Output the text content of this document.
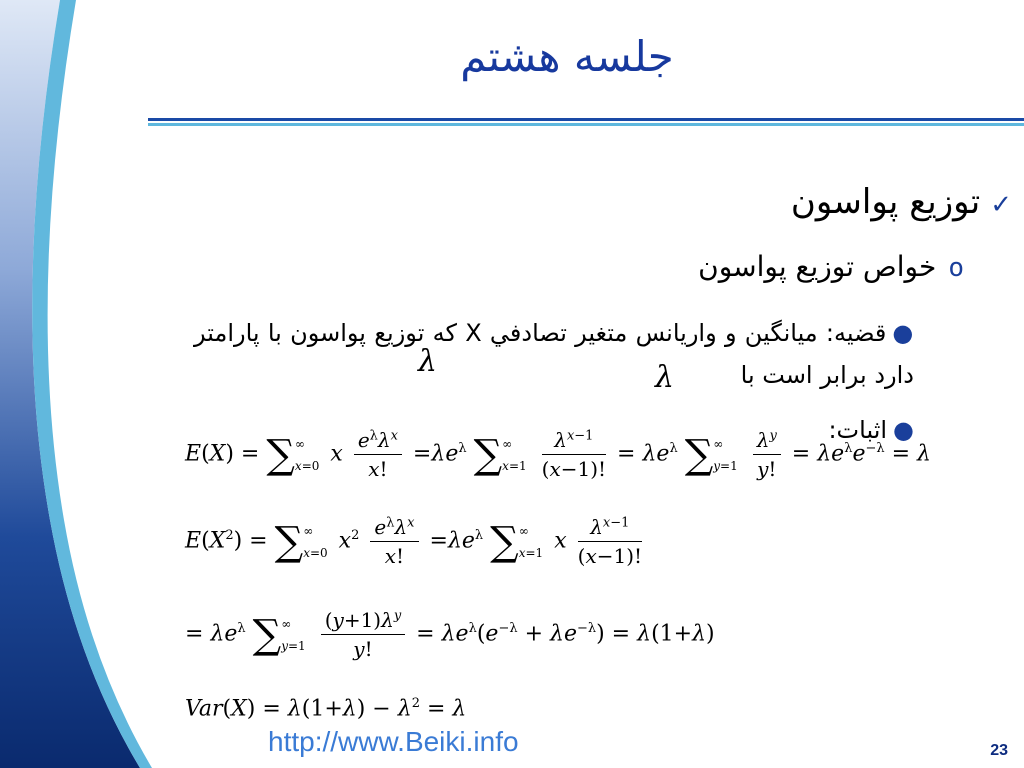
جلسه هشتم
✓توزیع پواسون
oخواص توزیع پواسون
●قضیه: میانگین و واریانس متغیر تصادفي X که توزیع پواسون با پارامتر دارد برابر است با
λ	λ
●اثبات:
E(X) = ∑ ∞
x=0 x $\frac{e^\lambda\lambda^x}{x!} =\lambda e^\lambda$ ∑ ∞
x=1
$\frac{\lambda^{x-1}}{(x-1)!} = \lambda e^\lambda$ ∑ ∞
y=1
$\frac{\lambda^y}{y!} = \lambda e^\lambda e^{-\lambda} = \lambda$
$E(X^2)$ = ∑ ∞
x=0 $x^2 \frac{e^\lambda\lambda^x}{x!} =\lambda e^\lambda$ ∑ ∞
x=1 x $\frac{\lambda^{x-1}}{(x-1)!}$
= $\lambda e^\lambda$ ∑ ∞
y=1
$\frac{(y+1)\lambda^y}{y!} = \lambda e^\lambda(e^{-\lambda} + \lambda e^{-\lambda}) = \lambda(1+\lambda)$
$Var(X) = \lambda(1+\lambda) - \lambda^2 = \lambda$
http://www.Beiki.info	23
